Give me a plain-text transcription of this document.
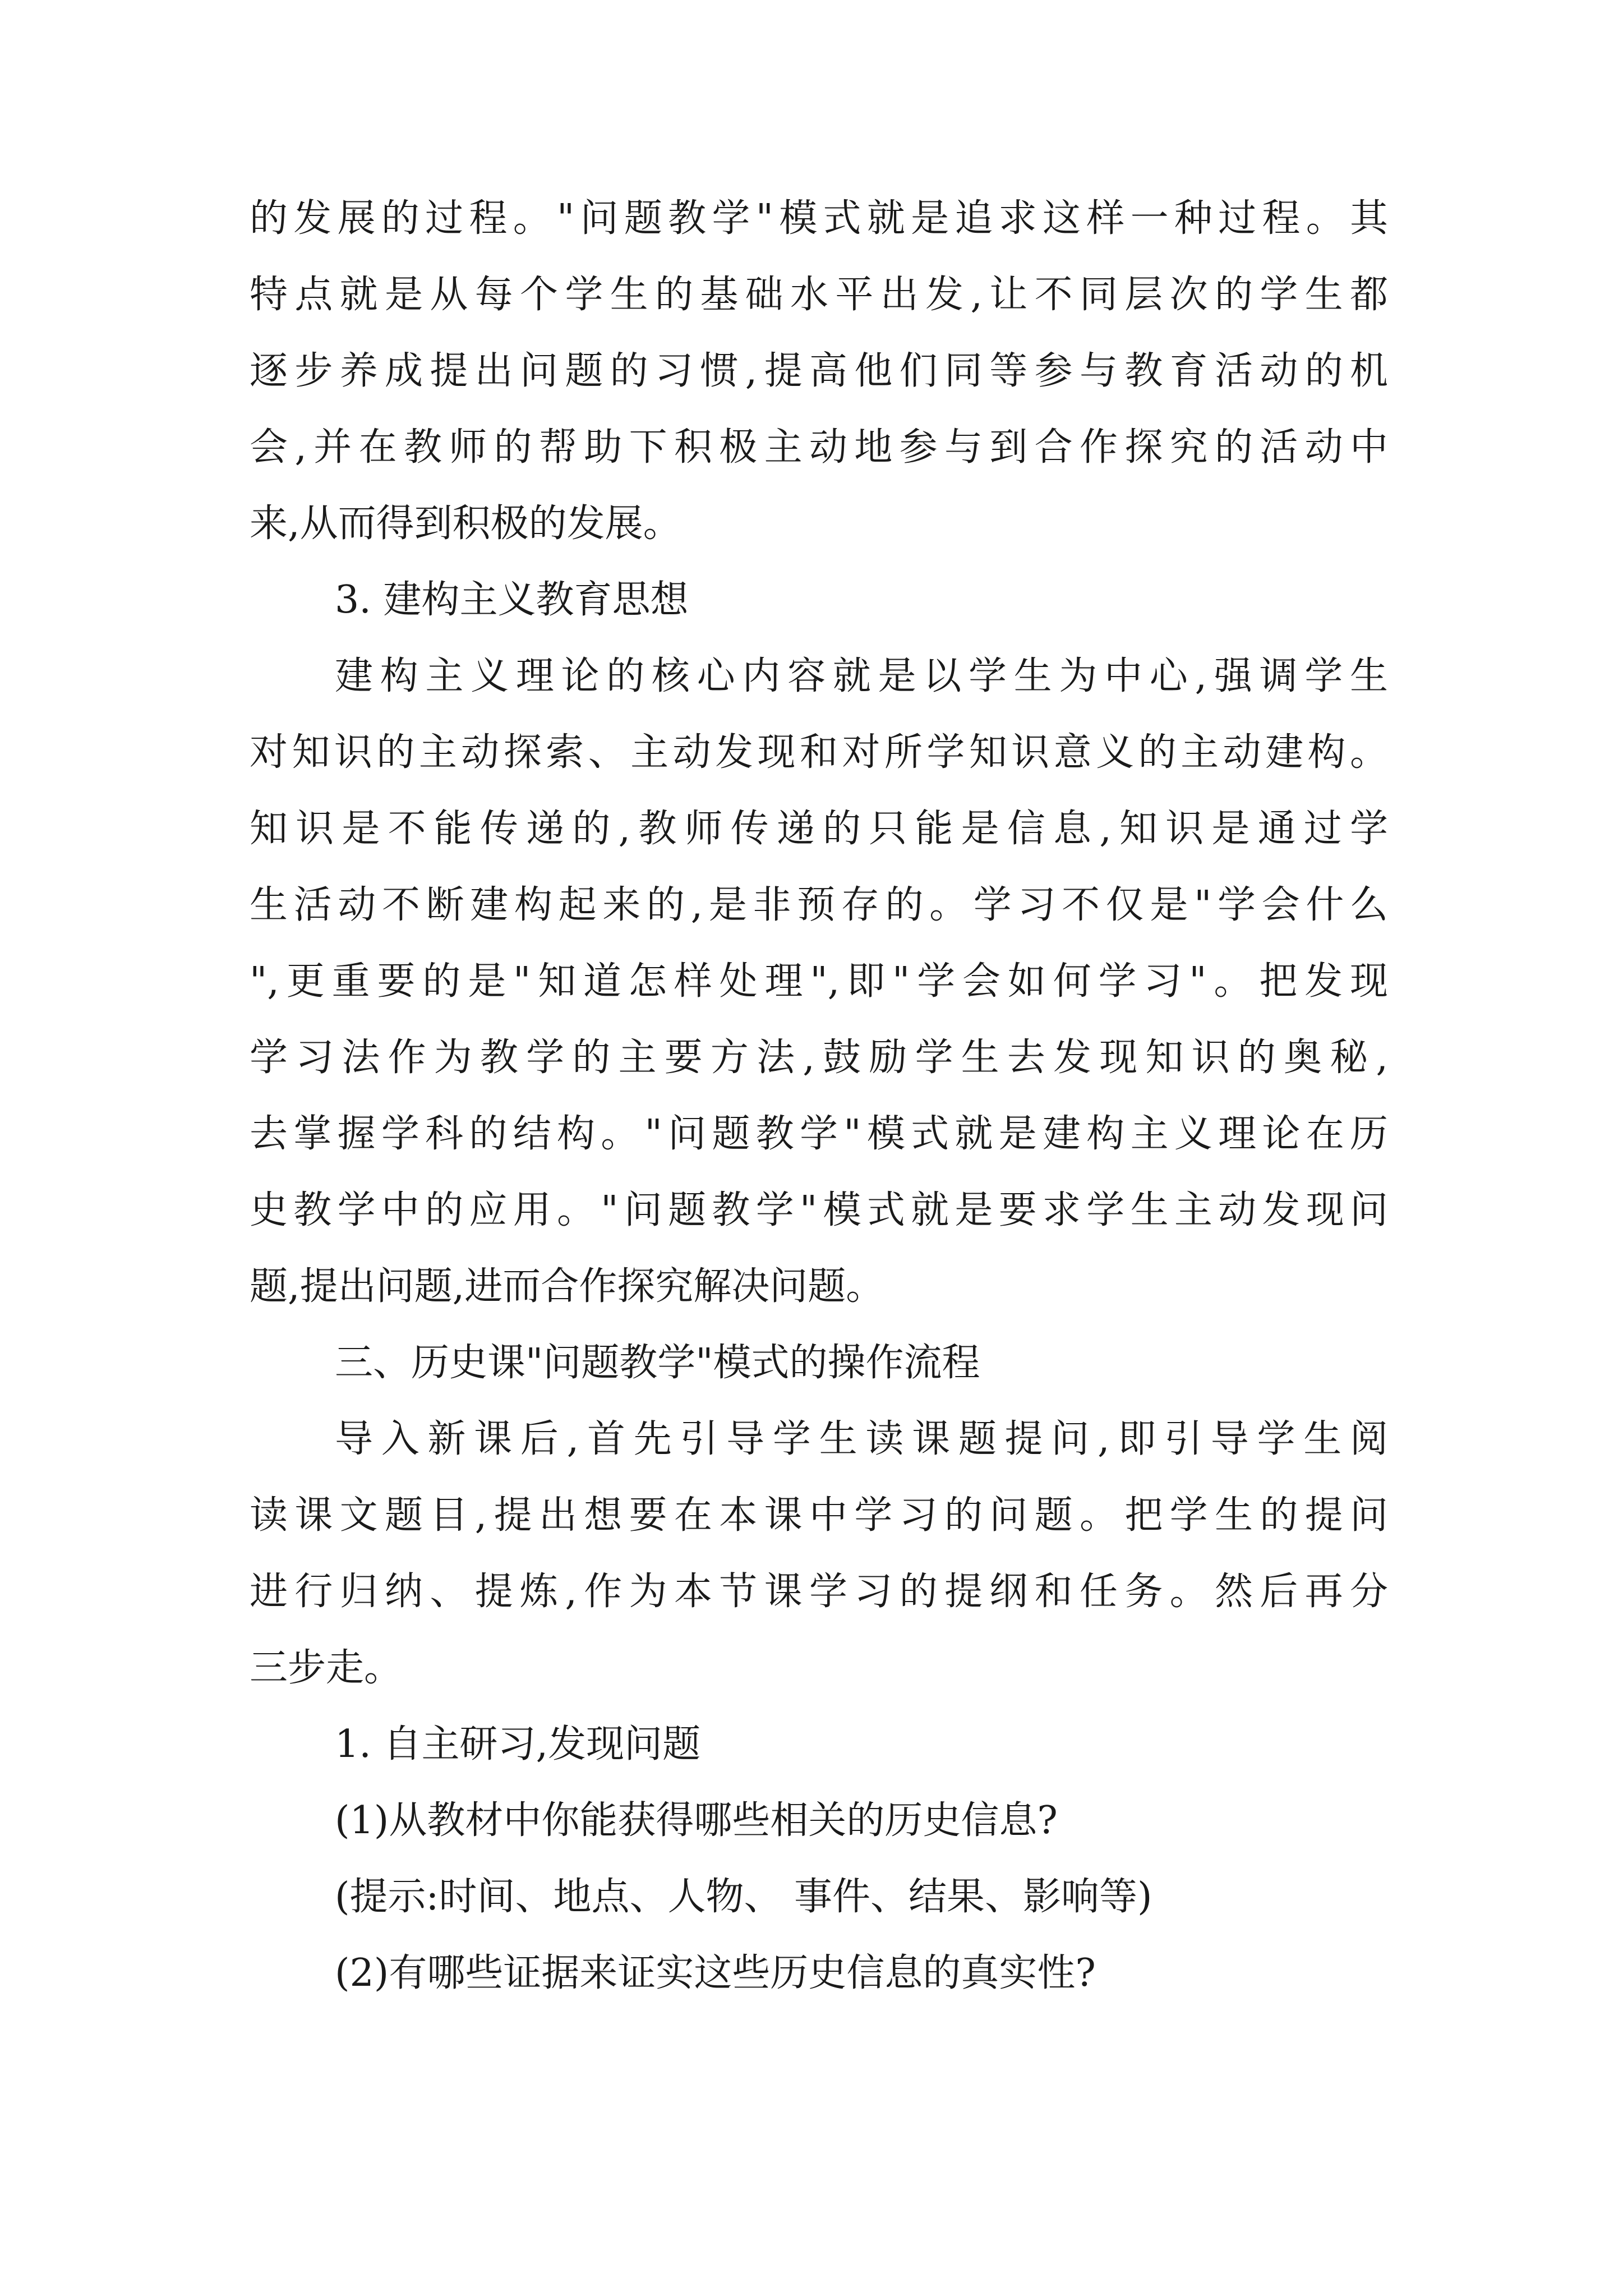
的发展的过程。"问题教学"模式就是追求这样一种过程。其
特点就是从每个学生的基础水平出发,让不同层次的学生都
逐步养成提出问题的习惯,提高他们同等参与教育活动的机
会,并在教师的帮助下积极主动地参与到合作探究的活动中
来,从而得到积极的发展。
3. 建构主义教育思想
建构主义理论的核心内容就是以学生为中心,强调学生
对知识的主动探索、主动发现和对所学知识意义的主动建构。
知识是不能传递的,教师传递的只能是信息,知识是通过学
生活动不断建构起来的,是非预存的。学习不仅是"学会什么
",更重要的是"知道怎样处理",即"学会如何学习"。把发现
学习法作为教学的主要方法,鼓励学生去发现知识的奥秘,
去掌握学科的结构。"问题教学"模式就是建构主义理论在历
史教学中的应用。"问题教学"模式就是要求学生主动发现问
题,提出问题,进而合作探究解决问题。
三、历史课"问题教学"模式的操作流程
导入新课后,首先引导学生读课题提问,即引导学生阅
读课文题目,提出想要在本课中学习的问题。把学生的提问
进行归纳、提炼,作为本节课学习的提纲和任务。然后再分
三步走。
1. 自主研习,发现问题
(1)从教材中你能获得哪些相关的历史信息?
(提示:时间、地点、人物、 事件、结果、影响等)
(2)有哪些证据来证实这些历史信息的真实性?
